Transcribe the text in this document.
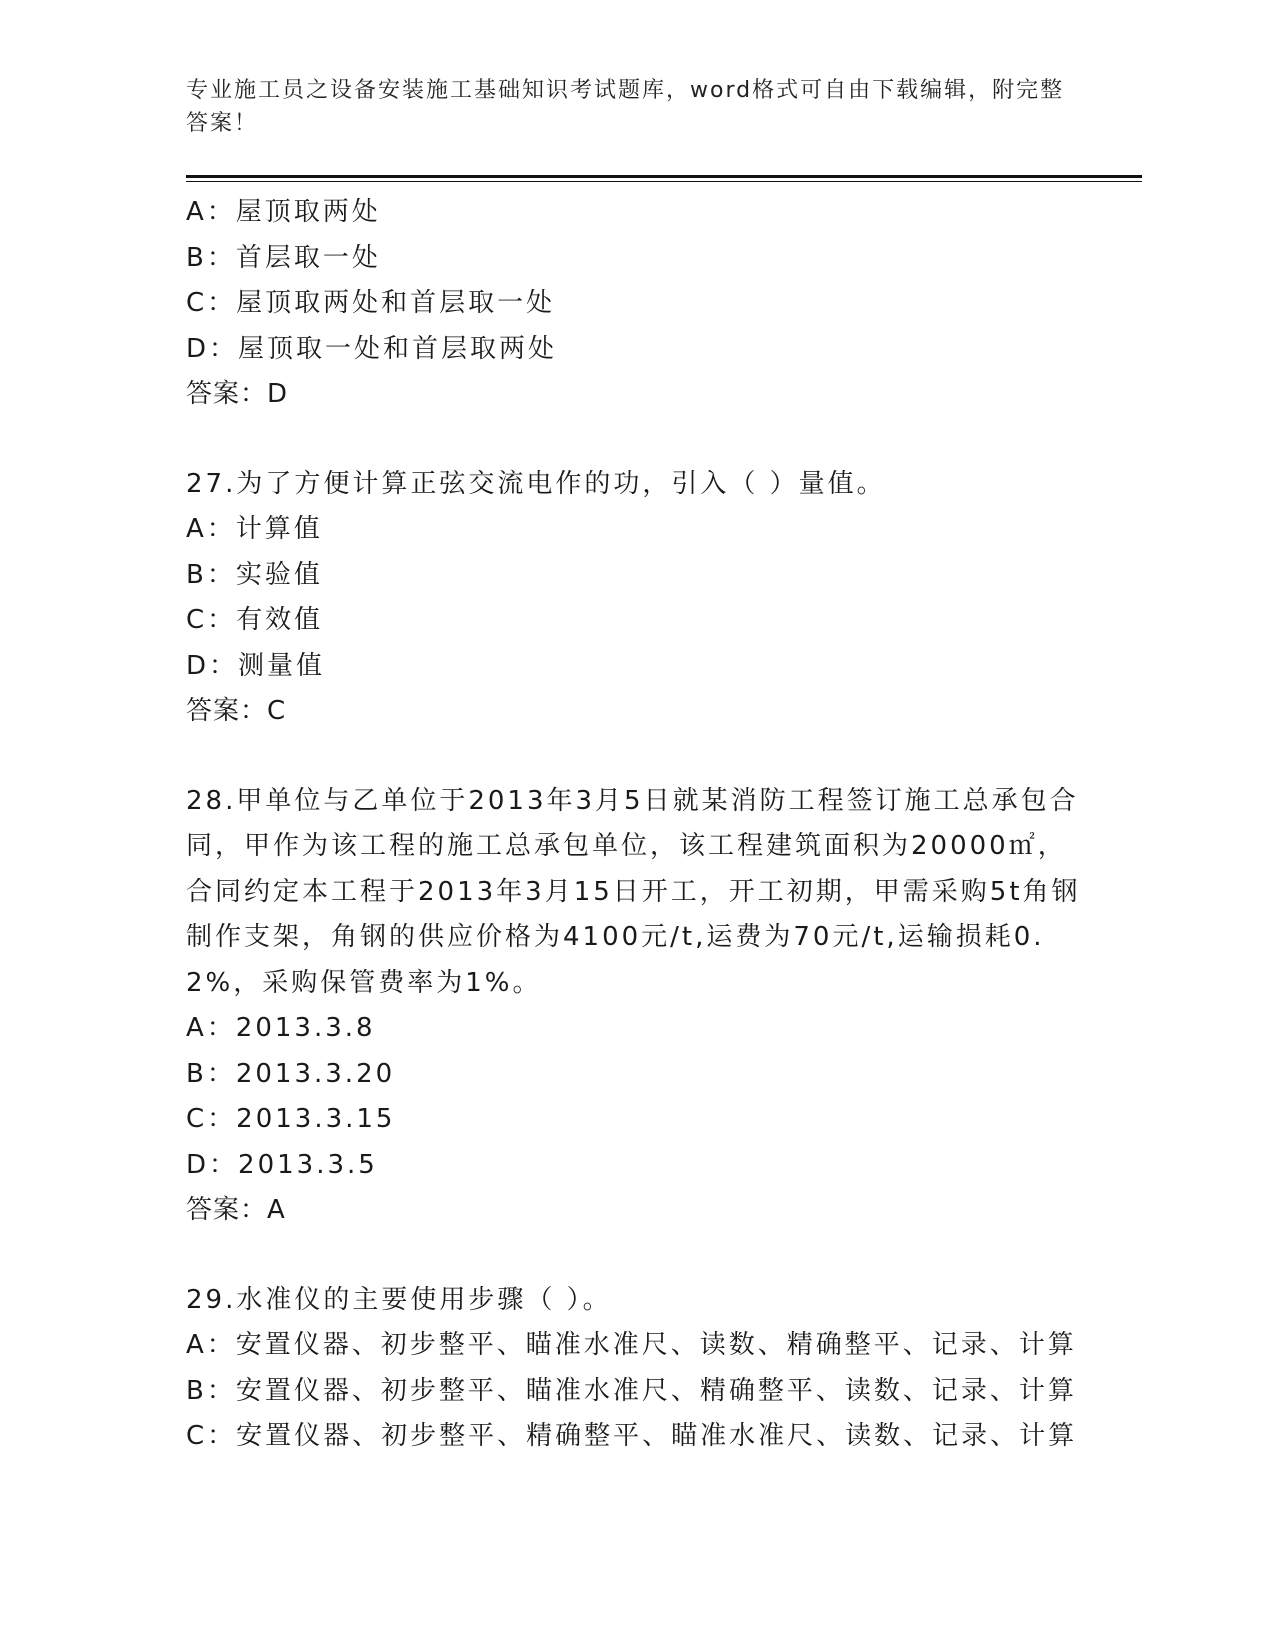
专业施工员之设备安装施工基础知识考试题库，word格式可自由下载编辑，附完整答案！
A：屋顶取两处
B：首层取一处
C：屋顶取两处和首层取一处
D：屋顶取一处和首层取两处
答案：D
27.为了方便计算正弦交流电作的功，引入（ ）量值。
A：计算值
B：实验值
C：有效值
D：测量值
答案：C
28.甲单位与乙单位于2013年3月5日就某消防工程签订施工总承包合同，甲作为该工程的施工总承包单位，该工程建筑面积为20000㎡，合同约定本工程于2013年3月15日开工，开工初期，甲需采购5t角钢制作支架，角钢的供应价格为4100元/t,运费为70元/t,运输损耗0.2%，采购保管费率为1%。
A：2013.3.8
B：2013.3.20
C：2013.3.15
D：2013.3.5
答案：A
29.水准仪的主要使用步骤（ ）。
A：安置仪器、初步整平、瞄准水准尺、读数、精确整平、记录、计算
B：安置仪器、初步整平、瞄准水准尺、精确整平、读数、记录、计算
C：安置仪器、初步整平、精确整平、瞄准水准尺、读数、记录、计算
